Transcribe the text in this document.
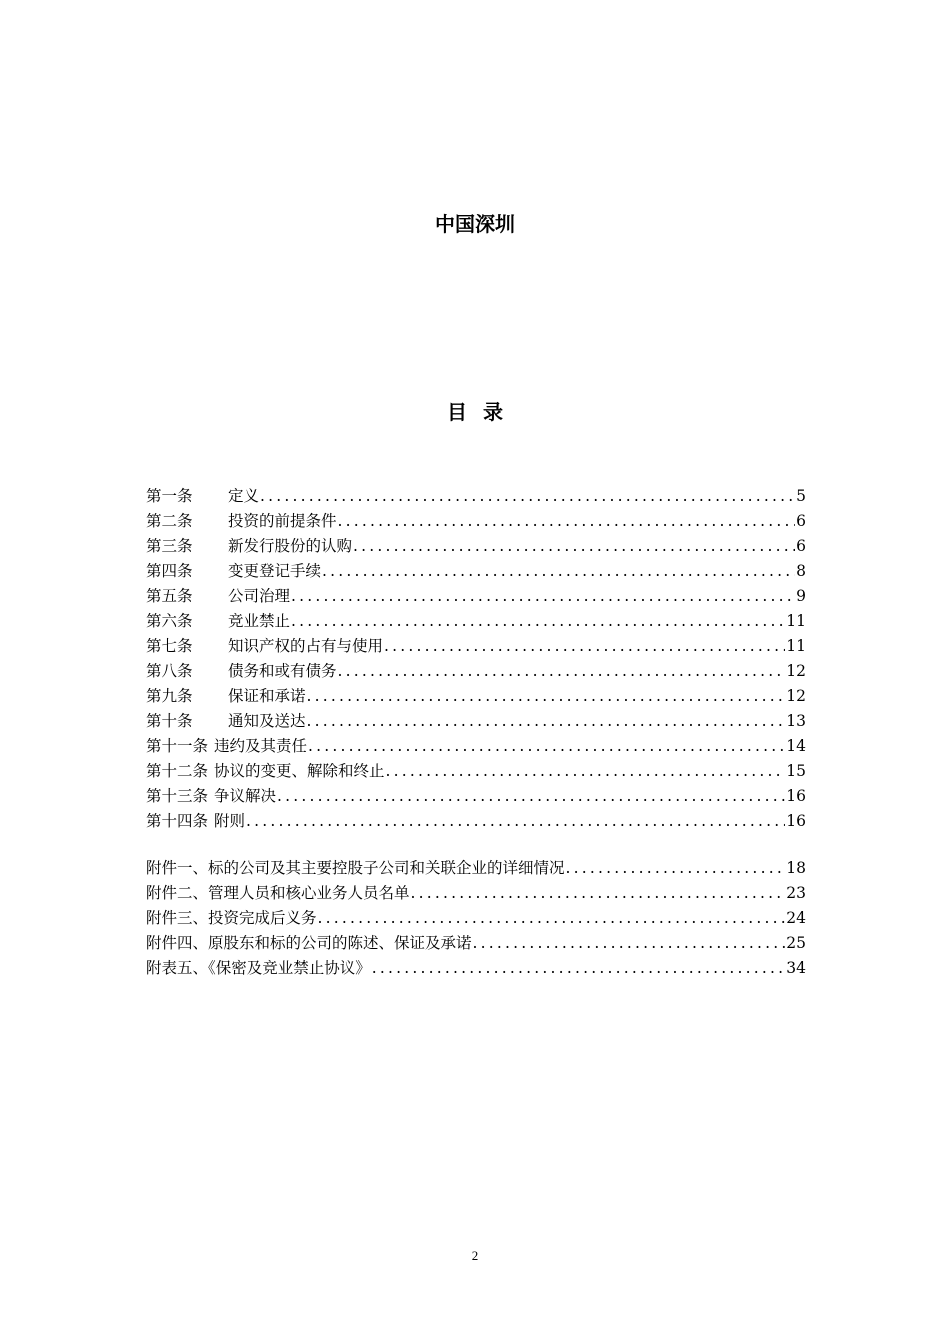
中国深圳
目录
第一条	定义 .....	5
第二条	投资的前提条件 .....	6
第三条	新发行股份的认购 .....	6
第四条	变更登记手续 .....	8
第五条	公司治理 .....	9
第六条	竞业禁止 .....	11
第七条	知识产权的占有与使用 .....	11
第八条	债务和或有债务 .....	12
第九条	保证和承诺 .....	12
第十条	通知及送达 .....	13
第十一条 违约及其责任 .....	14
第十二条 协议的变更、解除和终止 .....	15
第十三条 争议解决 .....	16
第十四条 附则 .....	16
附件一、标的公司及其主要控股子公司和关联企业的详细情况 .....	18
附件二、管理人员和核心业务人员名单 .....	23
附件三、投资完成后义务 .....	24
附件四、原股东和标的公司的陈述、保证及承诺 .....	25
附表五、《保密及竞业禁止协议》 .....	34
2
